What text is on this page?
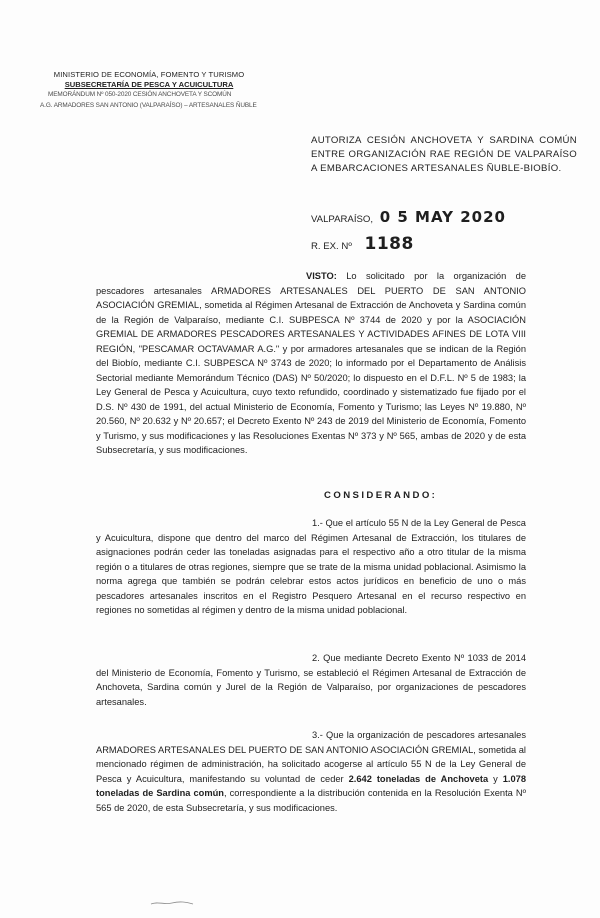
MINISTERIO DE ECONOMÍA, FOMENTO Y TURISMO
SUBSECRETARÍA DE PESCA Y ACUICULTURA
MEMORÁNDUM Nº 050-2020 CESIÓN ANCHOVETA Y SCOMÚN
A.G. ARMADORES SAN ANTONIO (VALPARAÍSO) – ARTESANALES ÑUBLE
AUTORIZA CESIÓN ANCHOVETA Y SARDINA COMÚN ENTRE ORGANIZACIÓN RAE REGIÓN DE VALPARAÍSO A EMBARCACIONES ARTESANALES ÑUBLE-BIOBÍO.
VALPARAÍSO, 0 5 MAY 2020
R. EX. Nº 1188
VISTO: Lo solicitado por la organización de pescadores artesanales ARMADORES ARTESANALES DEL PUERTO DE SAN ANTONIO ASOCIACIÓN GREMIAL, sometida al Régimen Artesanal de Extracción de Anchoveta y Sardina común de la Región de Valparaíso, mediante C.I. SUBPESCA Nº 3744 de 2020 y por la ASOCIACIÓN GREMIAL DE ARMADORES PESCADORES ARTESANALES Y ACTIVIDADES AFINES DE LOTA VIII REGIÓN, "PESCAMAR OCTAVAMAR A.G." y por armadores artesanales que se indican de la Región del Biobío, mediante C.I. SUBPESCA Nº 3743 de 2020; lo informado por el Departamento de Análisis Sectorial mediante Memorándum Técnico (DAS) Nº 50/2020; lo dispuesto en el D.F.L. Nº 5 de 1983; la Ley General de Pesca y Acuicultura, cuyo texto refundido, coordinado y sistematizado fue fijado por el D.S. Nº 430 de 1991, del actual Ministerio de Economía, Fomento y Turismo; las Leyes Nº 19.880, Nº 20.560, Nº 20.632 y Nº 20.657; el Decreto Exento Nº 243 de 2019 del Ministerio de Economía, Fomento y Turismo, y sus modificaciones y las Resoluciones Exentas Nº 373 y Nº 565, ambas de 2020 y de esta Subsecretaría, y sus modificaciones.
CONSIDERANDO:
1.- Que el artículo 55 N de la Ley General de Pesca y Acuicultura, dispone que dentro del marco del Régimen Artesanal de Extracción, los titulares de asignaciones podrán ceder las toneladas asignadas para el respectivo año a otro titular de la misma región o a titulares de otras regiones, siempre que se trate de la misma unidad poblacional. Asimismo la norma agrega que también se podrán celebrar estos actos jurídicos en beneficio de uno o más pescadores artesanales inscritos en el Registro Pesquero Artesanal en el recurso respectivo en regiones no sometidas al régimen y dentro de la misma unidad poblacional.
2. Que mediante Decreto Exento Nº 1033 de 2014 del Ministerio de Economía, Fomento y Turismo, se estableció el Régimen Artesanal de Extracción de Anchoveta, Sardina común y Jurel de la Región de Valparaíso, por organizaciones de pescadores artesanales.
3.- Que la organización de pescadores artesanales ARMADORES ARTESANALES DEL PUERTO DE SAN ANTONIO ASOCIACIÓN GREMIAL, sometida al mencionado régimen de administración, ha solicitado acogerse al artículo 55 N de la Ley General de Pesca y Acuicultura, manifestando su voluntad de ceder 2.642 toneladas de Anchoveta y 1.078 toneladas de Sardina común, correspondiente a la distribución contenida en la Resolución Exenta Nº 565 de 2020, de esta Subsecretaría, y sus modificaciones.
